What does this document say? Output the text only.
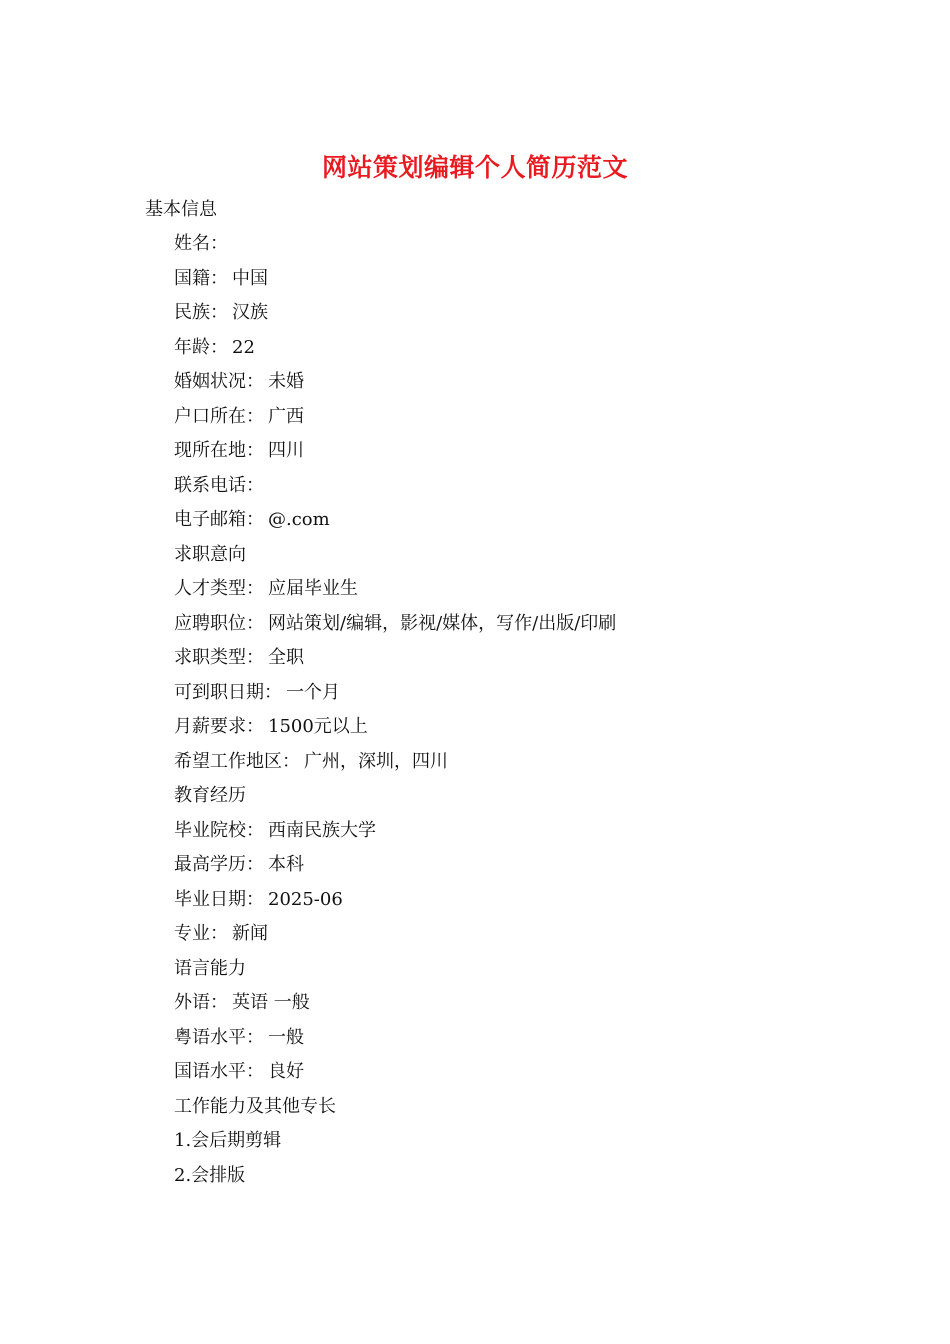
网站策划编辑个人简历范文

基本信息

姓名：
国籍： 中国
民族： 汉族
年龄： 22
婚姻状况： 未婚
户口所在： 广西
现所在地： 四川
联系电话：
电子邮箱： @.com
求职意向
人才类型： 应届毕业生
应聘职位： 网站策划/编辑，影视/媒体，写作/出版/印刷
求职类型： 全职
可到职日期： 一个月
月薪要求： 1500元以上
希望工作地区： 广州，深圳，四川
教育经历
毕业院校： 西南民族大学
最高学历： 本科
毕业日期： 2025-06
专业： 新闻
语言能力
外语： 英语 一般
粤语水平： 一般
国语水平： 良好
工作能力及其他专长
1.会后期剪辑
2.会排版
